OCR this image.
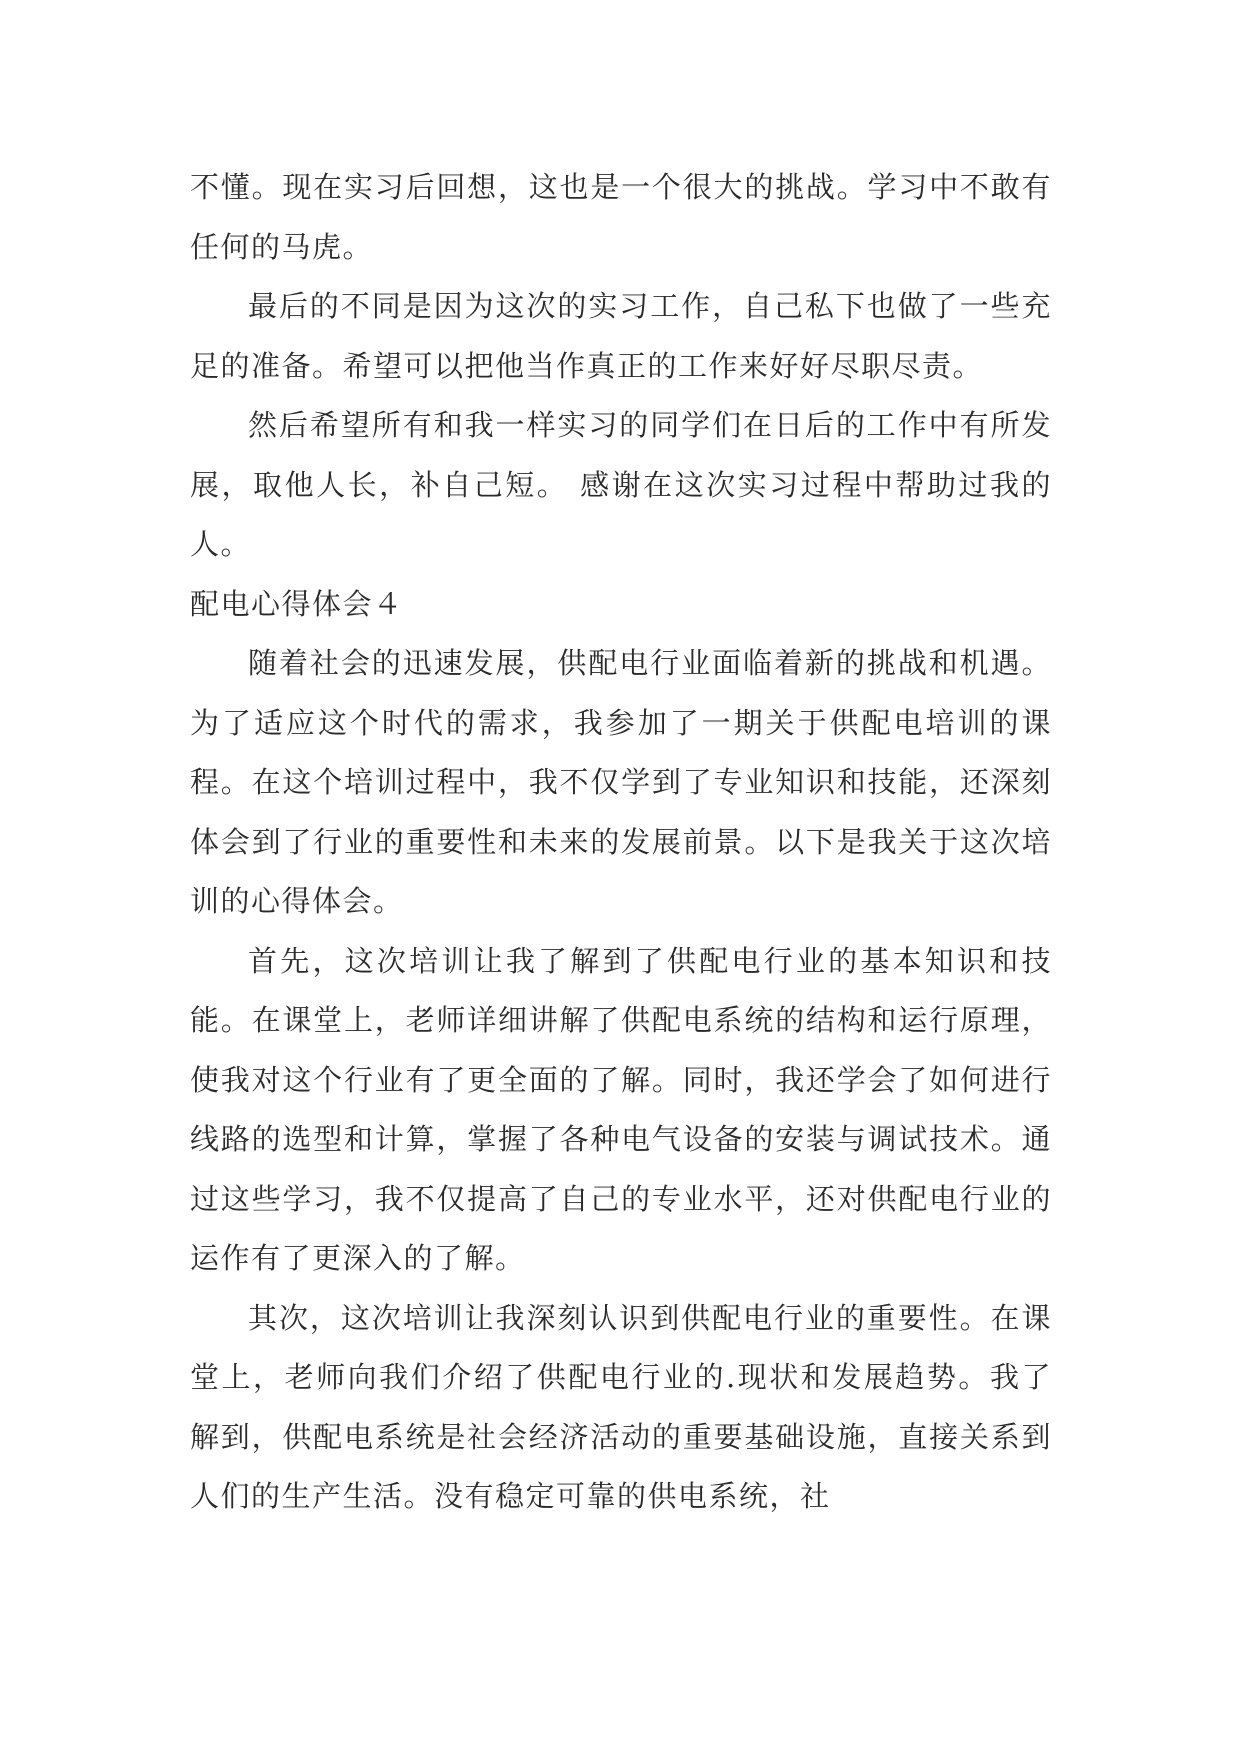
不懂。现在实习后回想，这也是一个很大的挑战。学习中不敢有任何的马虎。

最后的不同是因为这次的实习工作，自己私下也做了一些充足的准备。希望可以把他当作真正的工作来好好尽职尽责。

然后希望所有和我一样实习的同学们在日后的工作中有所发展，取他人长，补自己短。 感谢在这次实习过程中帮助过我的人。

配电心得体会４

随着社会的迅速发展，供配电行业面临着新的挑战和机遇。为了适应这个时代的需求，我参加了一期关于供配电培训的课程。在这个培训过程中，我不仅学到了专业知识和技能，还深刻体会到了行业的重要性和未来的发展前景。以下是我关于这次培训的心得体会。

首先，这次培训让我了解到了供配电行业的基本知识和技能。在课堂上，老师详细讲解了供配电系统的结构和运行原理，使我对这个行业有了更全面的了解。同时，我还学会了如何进行线路的选型和计算，掌握了各种电气设备的安装与调试技术。通过这些学习，我不仅提高了自己的专业水平，还对供配电行业的运作有了更深入的了解。

其次，这次培训让我深刻认识到供配电行业的重要性。在课堂上，老师向我们介绍了供配电行业的.现状和发展趋势。我了解到，供配电系统是社会经济活动的重要基础设施，直接关系到人们的生产生活。没有稳定可靠的供电系统，社
